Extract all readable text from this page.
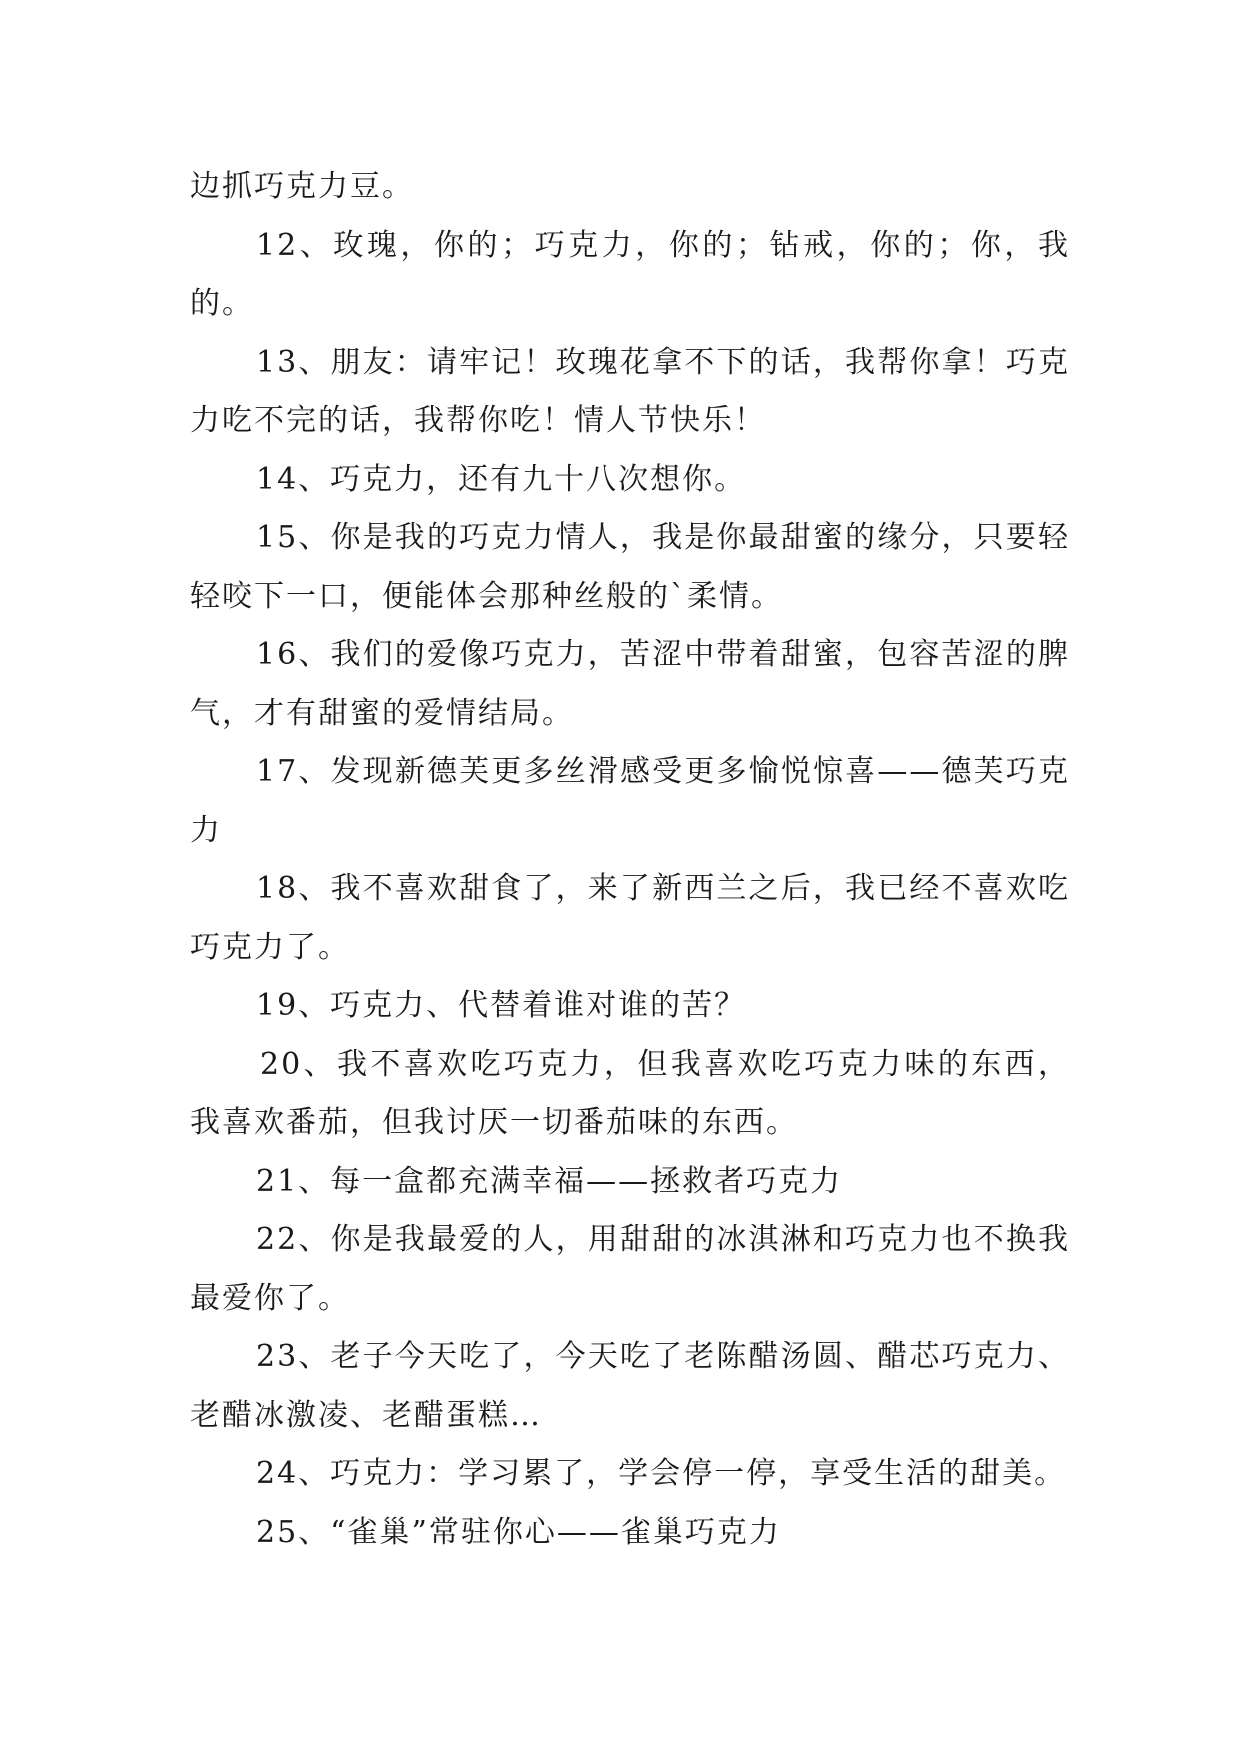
边抓巧克力豆。

12、玫瑰，你的；巧克力，你的；钻戒，你的；你，我的。

13、朋友：请牢记！玫瑰花拿不下的话，我帮你拿！巧克力吃不完的话，我帮你吃！情人节快乐！

14、巧克力，还有九十八次想你。

15、你是我的巧克力情人，我是你最甜蜜的缘分，只要轻轻咬下一口，便能体会那种丝般的`柔情。

16、我们的爱像巧克力，苦涩中带着甜蜜，包容苦涩的脾气，才有甜蜜的爱情结局。

17、发现新德芙更多丝滑感受更多愉悦惊喜——德芙巧克力

18、我不喜欢甜食了，来了新西兰之后，我已经不喜欢吃巧克力了。

19、巧克力、代替着谁对谁的苦？

20、我不喜欢吃巧克力，但我喜欢吃巧克力味的东西，我喜欢番茄，但我讨厌一切番茄味的东西。

21、每一盒都充满幸福——拯救者巧克力

22、你是我最爱的人，用甜甜的冰淇淋和巧克力也不换我最爱你了。

23、老子今天吃了，今天吃了老陈醋汤圆、醋芯巧克力、老醋冰激凌、老醋蛋糕…

24、巧克力：学习累了，学会停一停，享受生活的甜美。

25、“雀巢”常驻你心——雀巢巧克力
